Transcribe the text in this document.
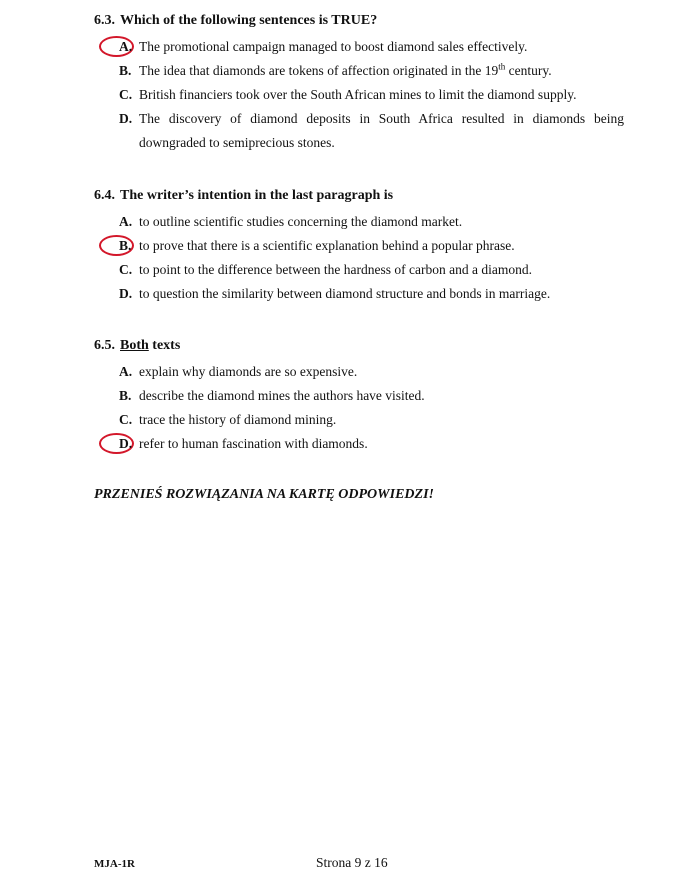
6.3. Which of the following sentences is TRUE?

A. The promotional campaign managed to boost diamond sales effectively.
B. The idea that diamonds are tokens of affection originated in the 19th century.
C. British financiers took over the South African mines to limit the diamond supply.
D. The discovery of diamond deposits in South Africa resulted in diamonds being
downgraded to semiprecious stones.

6.4. The writer’s intention in the last paragraph is

A. to outline scientific studies concerning the diamond market.
B. to prove that there is a scientific explanation behind a popular phrase.
C. to point to the difference between the hardness of carbon and a diamond.
D. to question the similarity between diamond structure and bonds in marriage.

6.5. Both texts

A. explain why diamonds are so expensive.
B. describe the diamond mines the authors have visited.
C. trace the history of diamond mining.
D. refer to human fascination with diamonds.
PRZENIEŚ ROZWIĄZANIA NA KARTĘ ODPOWIEDZI!
MJA-1R	Strona 9 z 16
